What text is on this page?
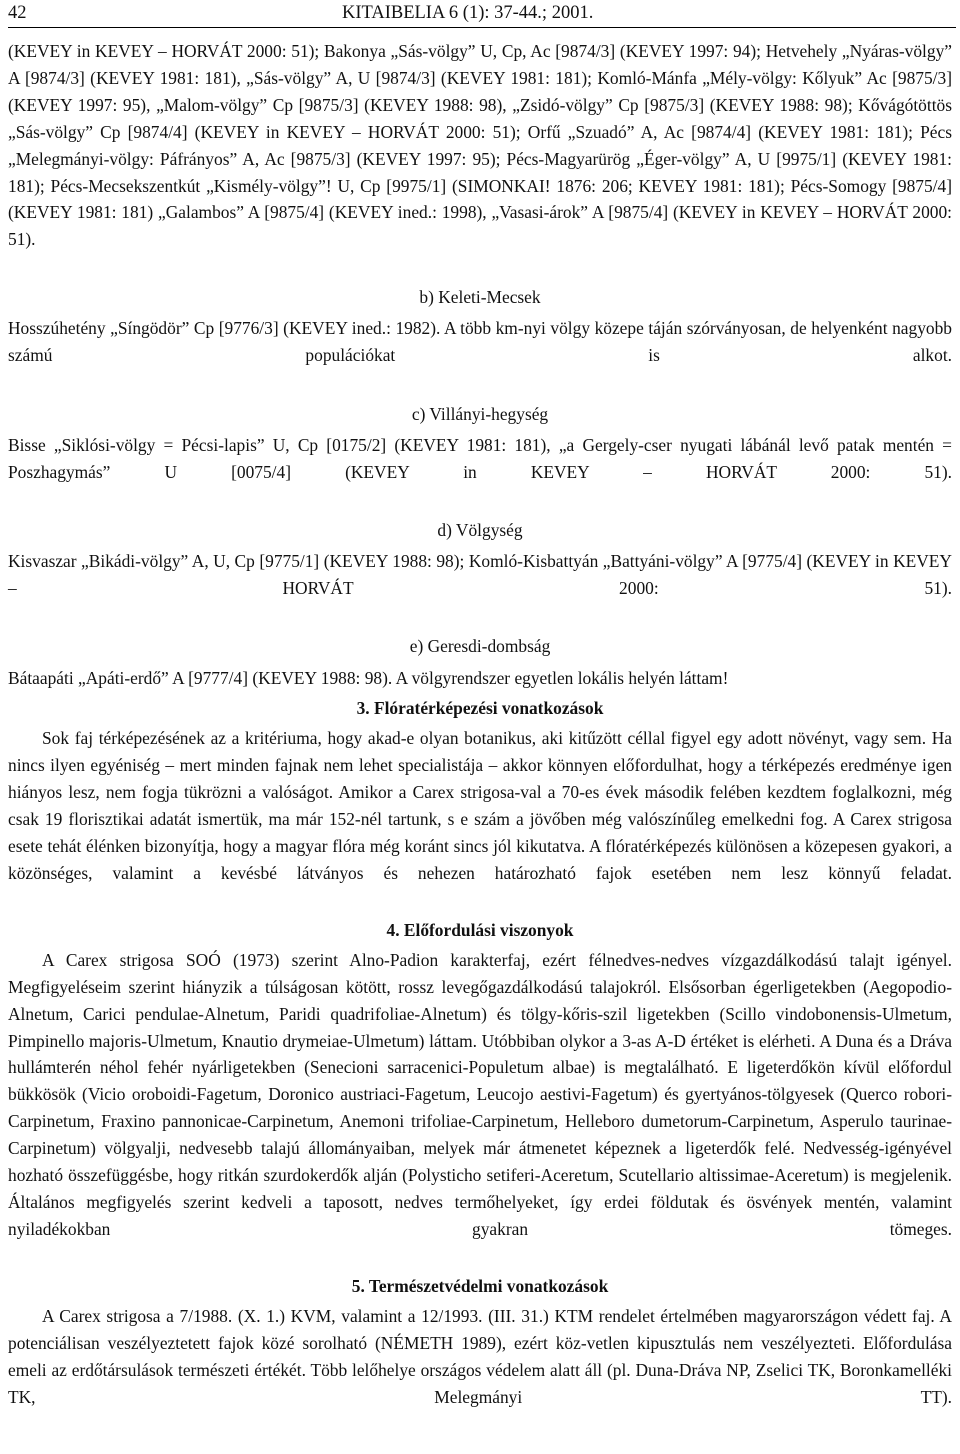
42	KITAIBELIA 6 (1): 37-44.; 2001.

(KEVEY in KEVEY – HORVÁT 2000: 51); Bakonya „Sás-völgy” U, Cp, Ac [9874/3] (KEVEY 1997: 94); Hetvehely „Nyáras-völgy” A [9874/3] (KEVEY 1981: 181), „Sás-völgy” A, U [9874/3] (KEVEY 1981: 181); Komló-Mánfa „Mély-völgy: Kőlyuk” Ac [9875/3] (KEVEY 1997: 95), „Malom-völgy” Cp [9875/3] (KEVEY 1988: 98), „Zsidó-völgy” Cp [9875/3] (KEVEY 1988: 98); Kővágótöttös „Sás-völgy” Cp [9874/4] (KEVEY in KEVEY – HORVÁT 2000: 51); Orfű „Szuadó” A, Ac [9874/4] (KEVEY 1981: 181); Pécs „Melegmányi-völgy: Páfrányos” A, Ac [9875/3] (KEVEY 1997: 95); Pécs-Magyarürög „Éger-völgy” A, U [9975/1] (KEVEY 1981: 181); Pécs-Mecsekszentkút „Kismély-völgy”! U, Cp [9975/1] (SIMONKAI! 1876: 206; KEVEY 1981: 181); Pécs-Somogy [9875/4] (KEVEY 1981: 181) „Galambos” A [9875/4] (KEVEY ined.: 1998), „Vasasi-árok” A [9875/4] (KEVEY in KEVEY – HORVÁT 2000: 51).

b) Keleti-Mecsek

Hosszúhetény „Síngödör” Cp [9776/3] (KEVEY ined.: 1982). A több km-nyi völgy közepe táján szórványosan, de helyenként nagyobb számú populációkat is alkot.

c) Villányi-hegység

Bisse „Siklósi-völgy = Pécsi-lapis” U, Cp [0175/2] (KEVEY 1981: 181), „a Gergely-cser nyugati lábánál levő patak mentén = Poszhagymás” U [0075/4] (KEVEY in KEVEY – HORVÁT 2000: 51).

d) Völgység

Kisvaszar „Bikádi-völgy” A, U, Cp [9775/1] (KEVEY 1988: 98); Komló-Kisbattyán „Battyáni-völgy” A [9775/4] (KEVEY in KEVEY – HORVÁT 2000: 51).

e) Geresdi-dombság

Bátaapáti „Apáti-erdő” A [9777/4] (KEVEY 1988: 98). A völgyrendszer egyetlen lokális helyén láttam!

3. Flóratérképezési vonatkozások

Sok faj térképezésének az a kritériuma, hogy akad-e olyan botanikus, aki kitűzött céllal figyel egy adott növényt, vagy sem. Ha nincs ilyen egyéniség – mert minden fajnak nem lehet specialistája – akkor könnyen előfordulhat, hogy a térképezés eredménye igen hiányos lesz, nem fogja tükrözni a valóságot. Amikor a Carex strigosa-val a 70-es évek második felében kezdtem foglalkozni, még csak 19 florisztikai adatát ismertük, ma már 152-nél tartunk, s e szám a jövőben még valószínűleg emelkedni fog. A Carex strigosa esete tehát élénken bizonyítja, hogy a magyar flóra még koránt sincs jól kikutatva. A flóratérképezés különösen a közepesen gyakori, a közönséges, valamint a kevésbé látványos és nehezen határozható fajok esetében nem lesz könnyű feladat.

4. Előfordulási viszonyok

A Carex strigosa SOÓ (1973) szerint Alno-Padion karakterfaj, ezért félnedves-nedves vízgazdálkodású talajt igényel. Megfigyeléseim szerint hiányzik a túlságosan kötött, rossz levegőgazdálkodású talajokról. Elsősorban égerligetekben (Aegopodio-Alnetum, Carici pendulae-Alnetum, Paridi quadrifoliae-Alnetum) és tölgy-kőris-szil ligetekben (Scillo vindobonensis-Ulmetum, Pimpinello majoris-Ulmetum, Knautio drymeiae-Ulmetum) láttam. Utóbbiban olykor a 3-as A-D értéket is elérheti. A Duna és a Dráva hullámterén néhol fehér nyárligetekben (Senecioni sarracenici-Populetum albae) is megtalálható. E ligeterdőkön kívül előfordul bükkösök (Vicio oroboidi-Fagetum, Doronico austriaci-Fagetum, Leucojo aestivi-Fagetum) és gyertyános-tölgyesek (Querco robori-Carpinetum, Fraxino pannonicae-Carpinetum, Anemoni trifoliae-Carpinetum, Helleboro dumetorum-Carpinetum, Asperulo taurinae-Carpinetum) völgyalji, nedvesebb talajú állományaiban, melyek már átmenetet képeznek a ligeterdők felé. Nedvesség-igényével hozható összefüggésbe, hogy ritkán szurdokerdők alján (Polysticho setiferi-Aceretum, Scutellario altissimae-Aceretum) is megjelenik. Általános megfigyelés szerint kedveli a taposott, nedves termőhelyeket, így erdei földutak és ösvények mentén, valamint nyiladékokban gyakran tömeges.

5. Természetvédelmi vonatkozások

A Carex strigosa a 7/1988. (X. 1.) KVM, valamint a 12/1993. (III. 31.) KTM rendelet értelmében magyarországon védett faj. A potenciálisan veszélyeztetett fajok közé sorolható (NÉMETH 1989), ezért köz-vetlen kipusztulás nem veszélyezteti. Előfordulása emeli az erdőtársulások természeti értékét. Több lelőhelye országos védelem alatt áll (pl. Duna-Dráva NP, Zselici TK, Boronkamelléki TK, Melegmányi TT).
